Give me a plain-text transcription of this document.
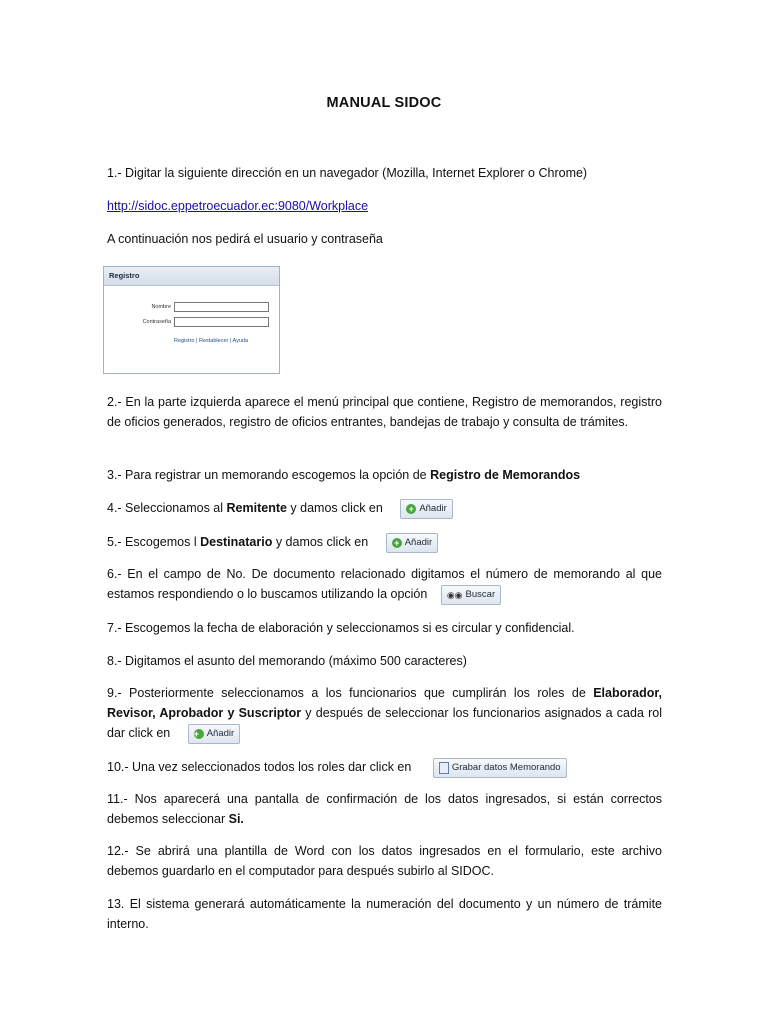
MANUAL SIDOC
1.- Digitar la siguiente dirección en un navegador (Mozilla, Internet Explorer o Chrome)
http://sidoc.eppetroecuador.ec:9080/Workplace
A continuación nos pedirá el usuario y contraseña
Registro
Nombre
Contraseña
Registro | Restablecer | Ayuda
2.- En la parte izquierda aparece el menú principal que contiene, Registro de memorandos, registro de oficios generados, registro de oficios entrantes, bandejas de trabajo y consulta de trámites.
3.- Para registrar un memorando escogemos la opción de Registro de Memorandos
4.- Seleccionamos al Remitente y damos click en	+ Añadir
5.- Escogemos l Destinatario y damos click en	+ Añadir
6.- En el campo de No. De documento relacionado digitamos el número de memorando al que estamos respondiendo o lo buscamos utilizando la opción ◉◉ Buscar
7.- Escogemos la fecha de elaboración y seleccionamos si es circular y confidencial.
8.- Digitamos el asunto del memorando (máximo 500 caracteres)
9.- Posteriormente seleccionamos a los funcionarios que cumplirán los roles de Elaborador, Revisor, Aprobador y Suscriptor y después de seleccionar los funcionarios asignados a cada rol dar click en	+ Añadir
10.- Una vez seleccionados todos los roles dar click en	Grabar datos Memorando
11.- Nos aparecerá una pantalla de confirmación de los datos ingresados, si están correctos debemos seleccionar Si.
12.- Se abrirá una plantilla de Word con los datos ingresados en el formulario, este archivo debemos guardarlo en el computador para después subirlo al SIDOC.
13. El sistema generará automáticamente la numeración del documento y un número de trámite interno.
